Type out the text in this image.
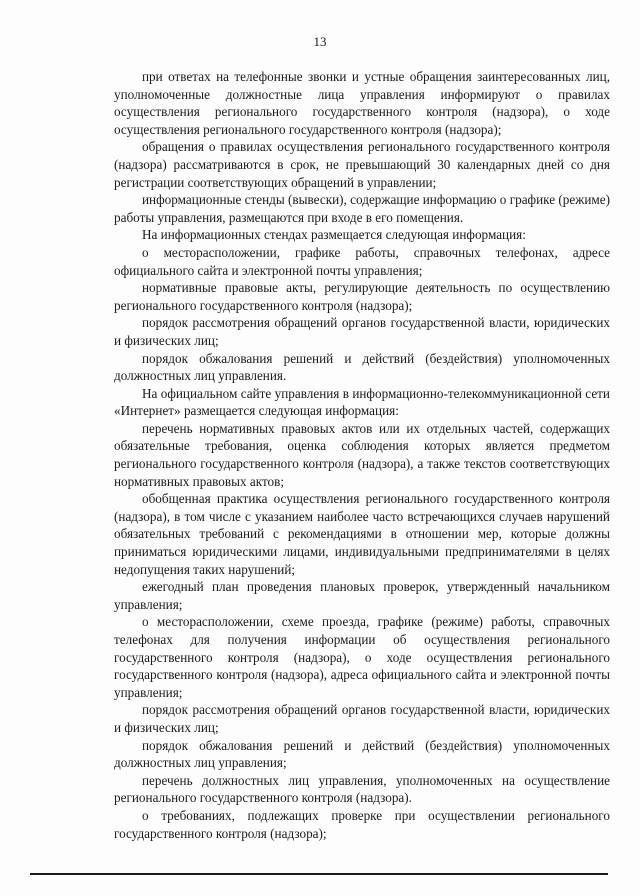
13

при ответах на телефонные звонки и устные обращения заинтересованных лиц, уполномоченные должностные лица управления информируют о правилах осуществления регионального государственного контроля (надзора), о ходе осуществления регионального государственного контроля (надзора);

обращения о правилах осуществления регионального государственного контроля (надзора) рассматриваются в срок, не превышающий 30 календарных дней со дня регистрации соответствующих обращений в управлении;

информационные стенды (вывески), содержащие информацию о графике (режиме) работы управления, размещаются при входе в его помещения.

На информационных стендах размещается следующая информация:

о месторасположении, графике работы, справочных телефонах, адресе официального сайта и электронной почты управления;

нормативные правовые акты, регулирующие деятельность по осуществлению регионального государственного контроля (надзора);

порядок рассмотрения обращений органов государственной власти, юридических и физических лиц;

порядок обжалования решений и действий (бездействия) уполномоченных должностных лиц управления.

На официальном сайте управления в информационно-телекоммуникационной сети «Интернет» размещается следующая информация:

перечень нормативных правовых актов или их отдельных частей, содержащих обязательные требования, оценка соблюдения которых является предметом регионального государственного контроля (надзора), а также текстов соответствующих нормативных правовых актов;

обобщенная практика осуществления регионального государственного контроля (надзора), в том числе с указанием наиболее часто встречающихся случаев нарушений обязательных требований с рекомендациями в отношении мер, которые должны приниматься юридическими лицами, индивидуальными предпринимателями в целях недопущения таких нарушений;

ежегодный план проведения плановых проверок, утвержденный начальником управления;

о месторасположении, схеме проезда, графике (режиме) работы, справочных телефонах для получения информации об осуществления регионального государственного контроля (надзора), о ходе осуществления регионального государственного контроля (надзора), адреса официального сайта и электронной почты управления;

порядок рассмотрения обращений органов государственной власти, юридических и физических лиц;

порядок обжалования решений и действий (бездействия) уполномоченных должностных лиц управления;

перечень должностных лиц управления, уполномоченных на осуществление регионального государственного контроля (надзора).

о требованиях, подлежащих проверке при осуществлении регионального государственного контроля (надзора);
